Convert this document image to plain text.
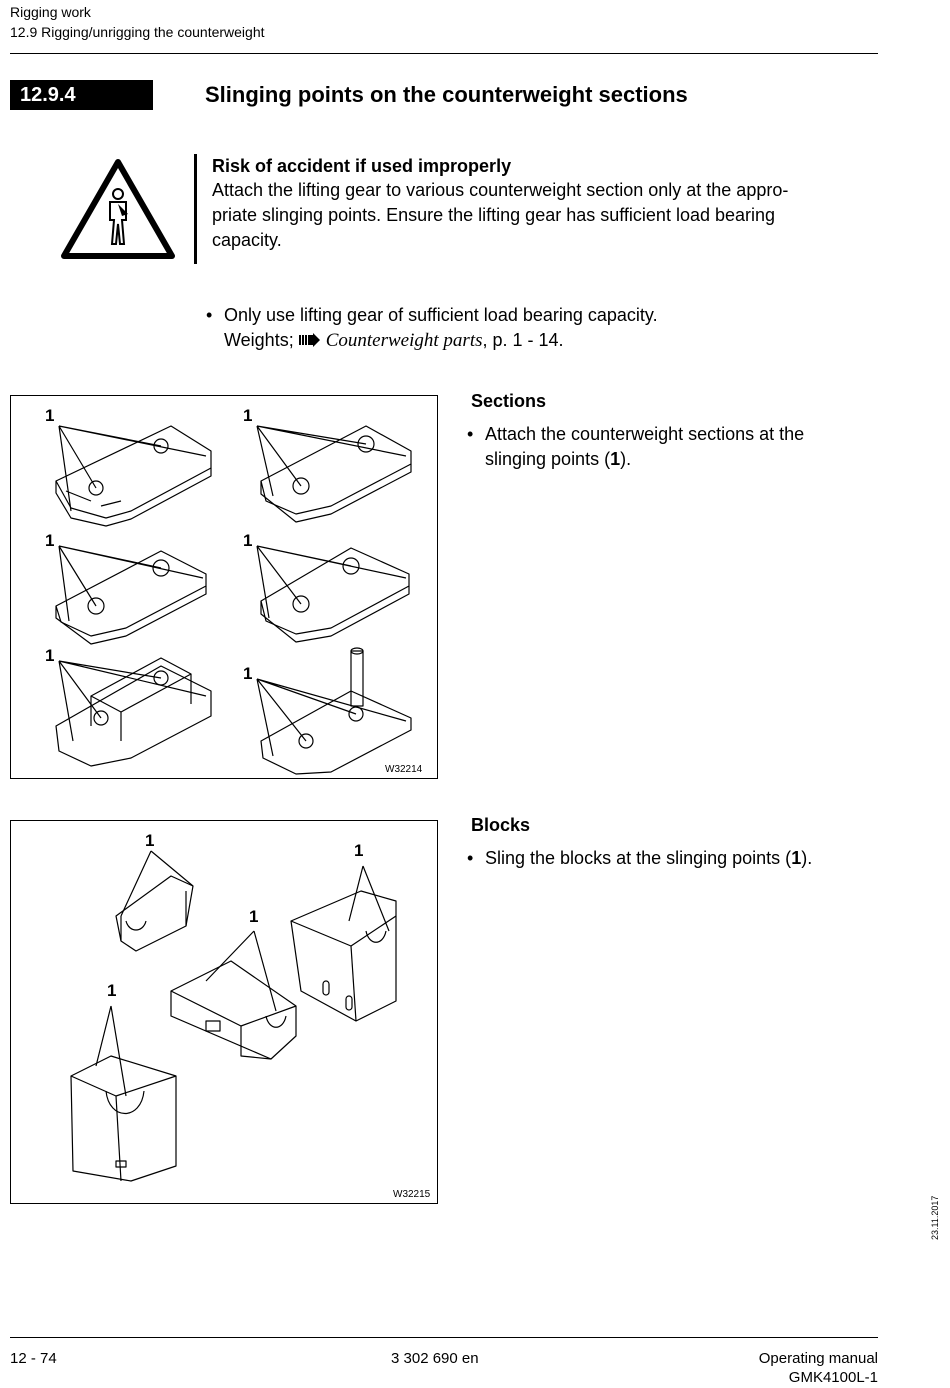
Rigging work
12.9 Rigging/unrigging the counterweight
12.9.4	Slinging points on the counterweight sections
Risk of accident if used improperly
Attach the lifting gear to various counterweight section only at the appro-
priate slinging points. Ensure the lifting gear has sufficient load bearing
capacity.
• Only use lifting gear of sufficient load bearing capacity.
Weights; Counterweight parts, p. 1 - 14.
1	1
1	1
1
1
W32214
Sections
• Attach the counterweight sections at the
slinging points (1).
1
1
1
1
W32215
Blocks
• Sling the blocks at the slinging points (1).
23.11.2017
12 - 74	3 302 690 en	Operating manual
GMK4100L-1
